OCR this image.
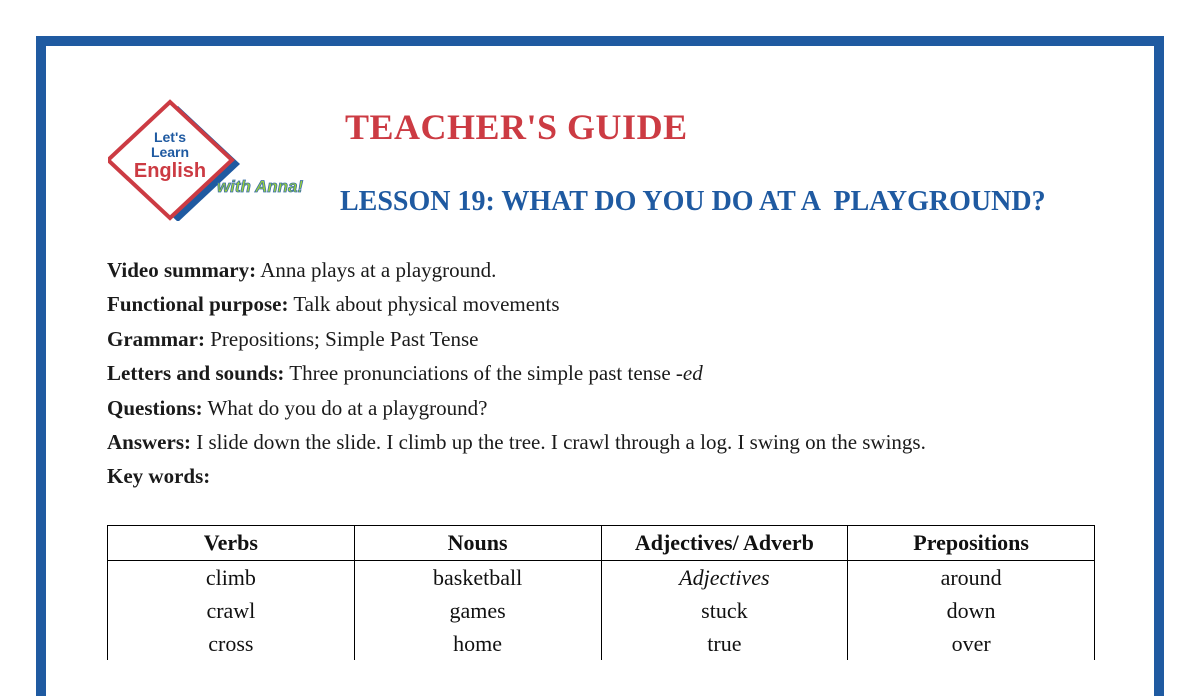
Let's
Learn
English
with Anna!
TEACHER'S GUIDE
LESSON 19: WHAT DO YOU DO AT A  PLAYGROUND?
Video summary: Anna plays at a playground.
Functional purpose: Talk about physical movements
Grammar: Prepositions; Simple Past Tense
Letters and sounds: Three pronunciations of the simple past tense -ed
Questions: What do you do at a playground?
Answers: I slide down the slide. I climb up the tree. I crawl through a log. I swing on the swings.
Key words:
Verbs	Nouns	Adjectives/ Adverb	Prepositions
climb	basketball	Adjectives	around
crawl	games	stuck	down
cross	home	true	over
